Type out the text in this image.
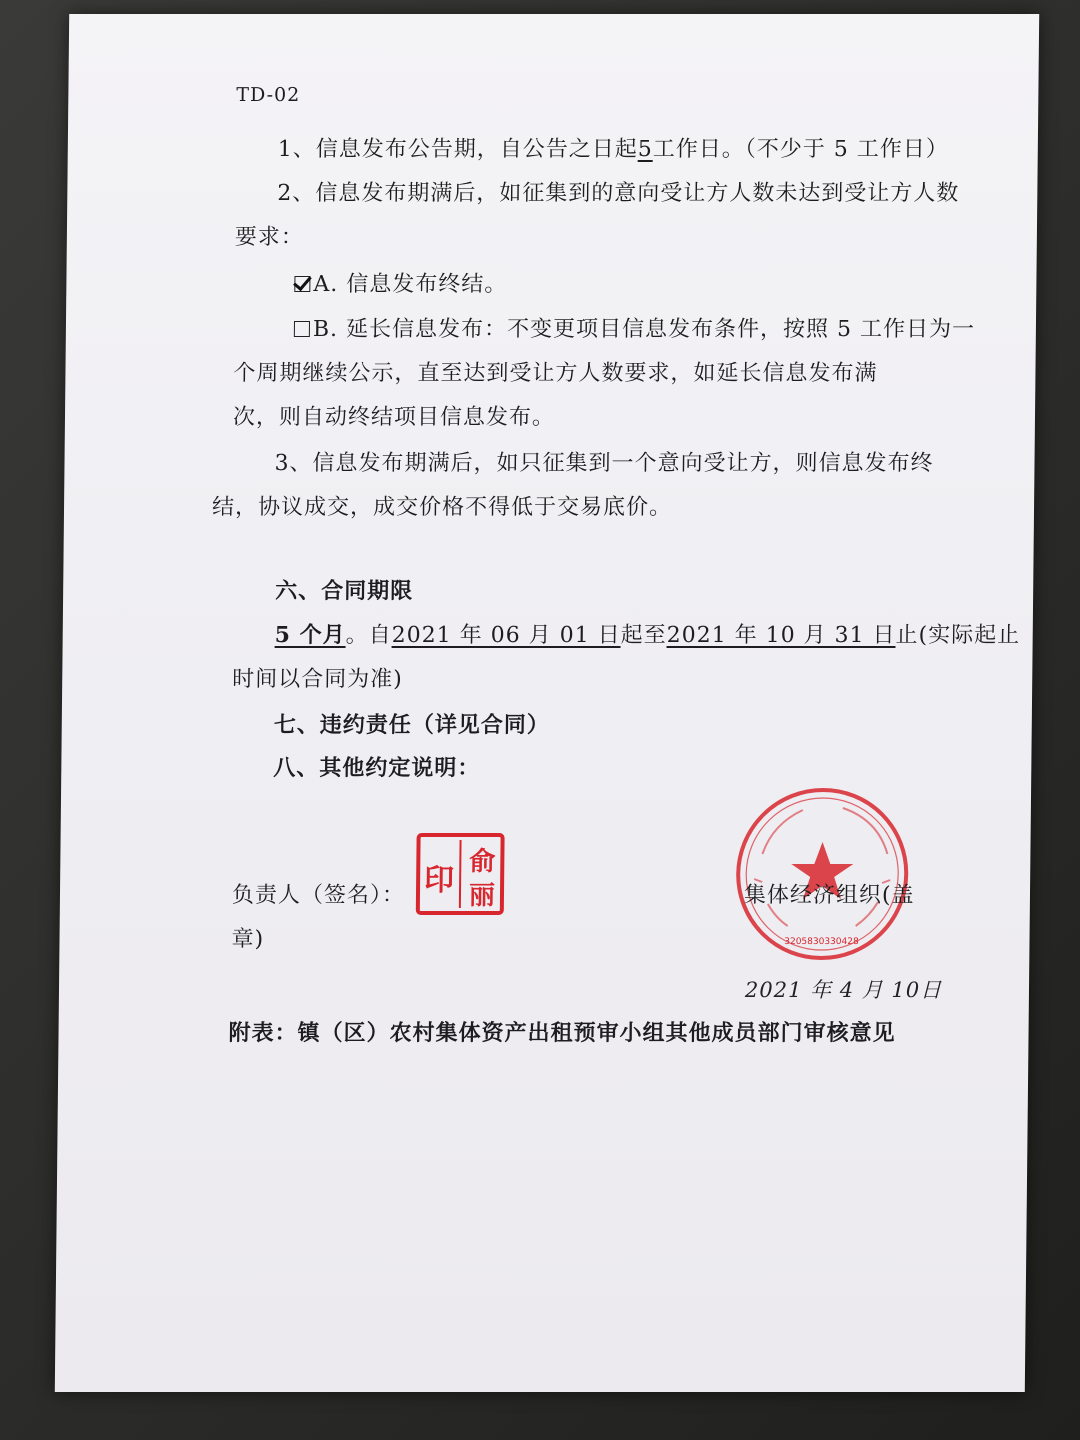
TD-02
1、信息发布公告期，自公告之日起5工作日。（不少于 5 工作日）
2、信息发布期满后，如征集到的意向受让方人数未达到受让方人数
要求：
A. 信息发布终结。
B. 延长信息发布：不变更项目信息发布条件，按照 5 工作日为一
个周期继续公示，直至达到受让方人数要求，如延长信息发布满
次，则自动终结项目信息发布。
3、信息发布期满后，如只征集到一个意向受让方，则信息发布终
结，协议成交，成交价格不得低于交易底价。
六、合同期限
5 个月。自2021 年 06 月 01 日起至2021 年 10 月 31 日止(实际起止
时间以合同为准)
七、违约责任（详见合同）
八、其他约定说明：
负责人（签名）：
章)
俞
丽
印
3205830330428
集体经济组织(盖
2021 年 4 月 10日
附表：镇（区）农村集体资产出租预审小组其他成员部门审核意见
